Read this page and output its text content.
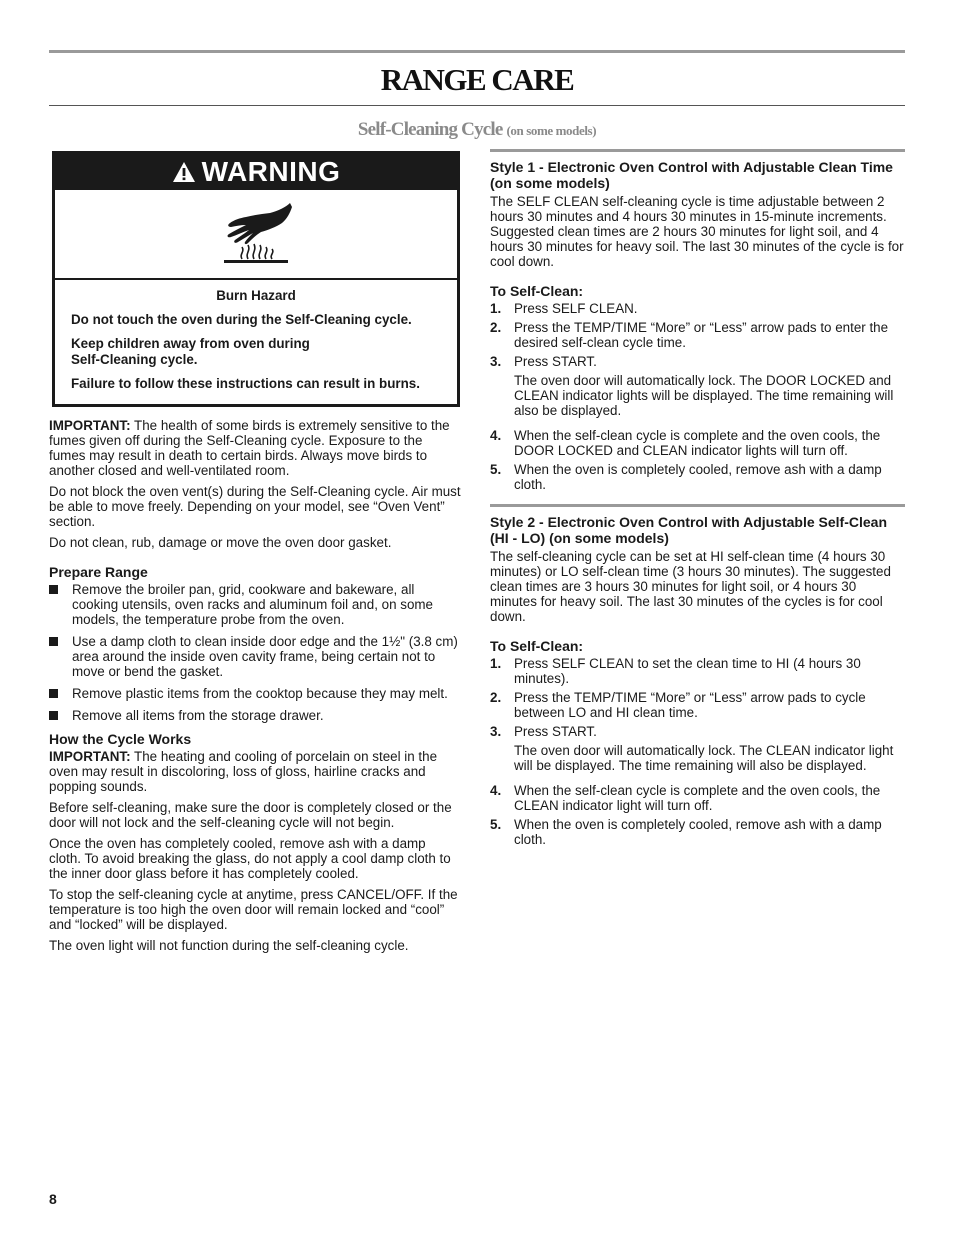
RANGE CARE
Self-Cleaning Cycle (on some models)
WARNING
Burn Hazard

Do not touch the oven during the Self-Cleaning cycle.

Keep children away from oven during Self-Cleaning cycle.

Failure to follow these instructions can result in burns.

IMPORTANT: The health of some birds is extremely sensitive to the fumes given off during the Self-Cleaning cycle. Exposure to the fumes may result in death to certain birds. Always move birds to another closed and well-ventilated room.

Do not block the oven vent(s) during the Self-Cleaning cycle. Air must be able to move freely. Depending on your model, see “Oven Vent” section.

Do not clean, rub, damage or move the oven door gasket.

Prepare Range
Remove the broiler pan, grid, cookware and bakeware, all cooking utensils, oven racks and aluminum foil and, on some models, the temperature probe from the oven.
Use a damp cloth to clean inside door edge and the 1½" (3.8 cm) area around the inside oven cavity frame, being certain not to move or bend the gasket.
Remove plastic items from the cooktop because they may melt.
Remove all items from the storage drawer.
How the Cycle Works

IMPORTANT: The heating and cooling of porcelain on steel in the oven may result in discoloring, loss of gloss, hairline cracks and popping sounds.

Before self-cleaning, make sure the door is completely closed or the door will not lock and the self-cleaning cycle will not begin.

Once the oven has completely cooled, remove ash with a damp cloth. To avoid breaking the glass, do not apply a cool damp cloth to the inner door glass before it has completely cooled.

To stop the self-cleaning cycle at anytime, press CANCEL/OFF. If the temperature is too high the oven door will remain locked and “cool” and “locked” will be displayed.

The oven light will not function during the self-cleaning cycle.

Style 1 - Electronic Oven Control with Adjustable Clean Time (on some models)

The SELF CLEAN self-cleaning cycle is time adjustable between 2 hours 30 minutes and 4 hours 30 minutes in 15-minute increments. Suggested clean times are 2 hours 30 minutes for light soil, and 4 hours 30 minutes for heavy soil. The last 30 minutes of the cycle is for cool down.

To Self-Clean:
1. Press SELF CLEAN.
2. Press the TEMP/TIME “More” or “Less” arrow pads to enter the desired self-clean cycle time.
3. Press START.
The oven door will automatically lock. The DOOR LOCKED and CLEAN indicator lights will be displayed. The time remaining will also be displayed.
4. When the self-clean cycle is complete and the oven cools, the DOOR LOCKED and CLEAN indicator lights will turn off.
5. When the oven is completely cooled, remove ash with a damp cloth.
Style 2 - Electronic Oven Control with Adjustable Self-Clean (HI - LO) (on some models)

The self-cleaning cycle can be set at HI self-clean time (4 hours 30 minutes) or LO self-clean time (3 hours 30 minutes). The suggested clean times are 3 hours 30 minutes for light soil, or 4 hours 30 minutes for heavy soil. The last 30 minutes of the cycles is for cool down.

To Self-Clean:
1. Press SELF CLEAN to set the clean time to HI (4 hours 30 minutes).
2. Press the TEMP/TIME “More” or “Less” arrow pads to cycle between LO and HI clean time.
3. Press START.
The oven door will automatically lock. The CLEAN indicator light will be displayed. The time remaining will also be displayed.
4. When the self-clean cycle is complete and the oven cools, the CLEAN indicator light will turn off.
5. When the oven is completely cooled, remove ash with a damp cloth.
8
